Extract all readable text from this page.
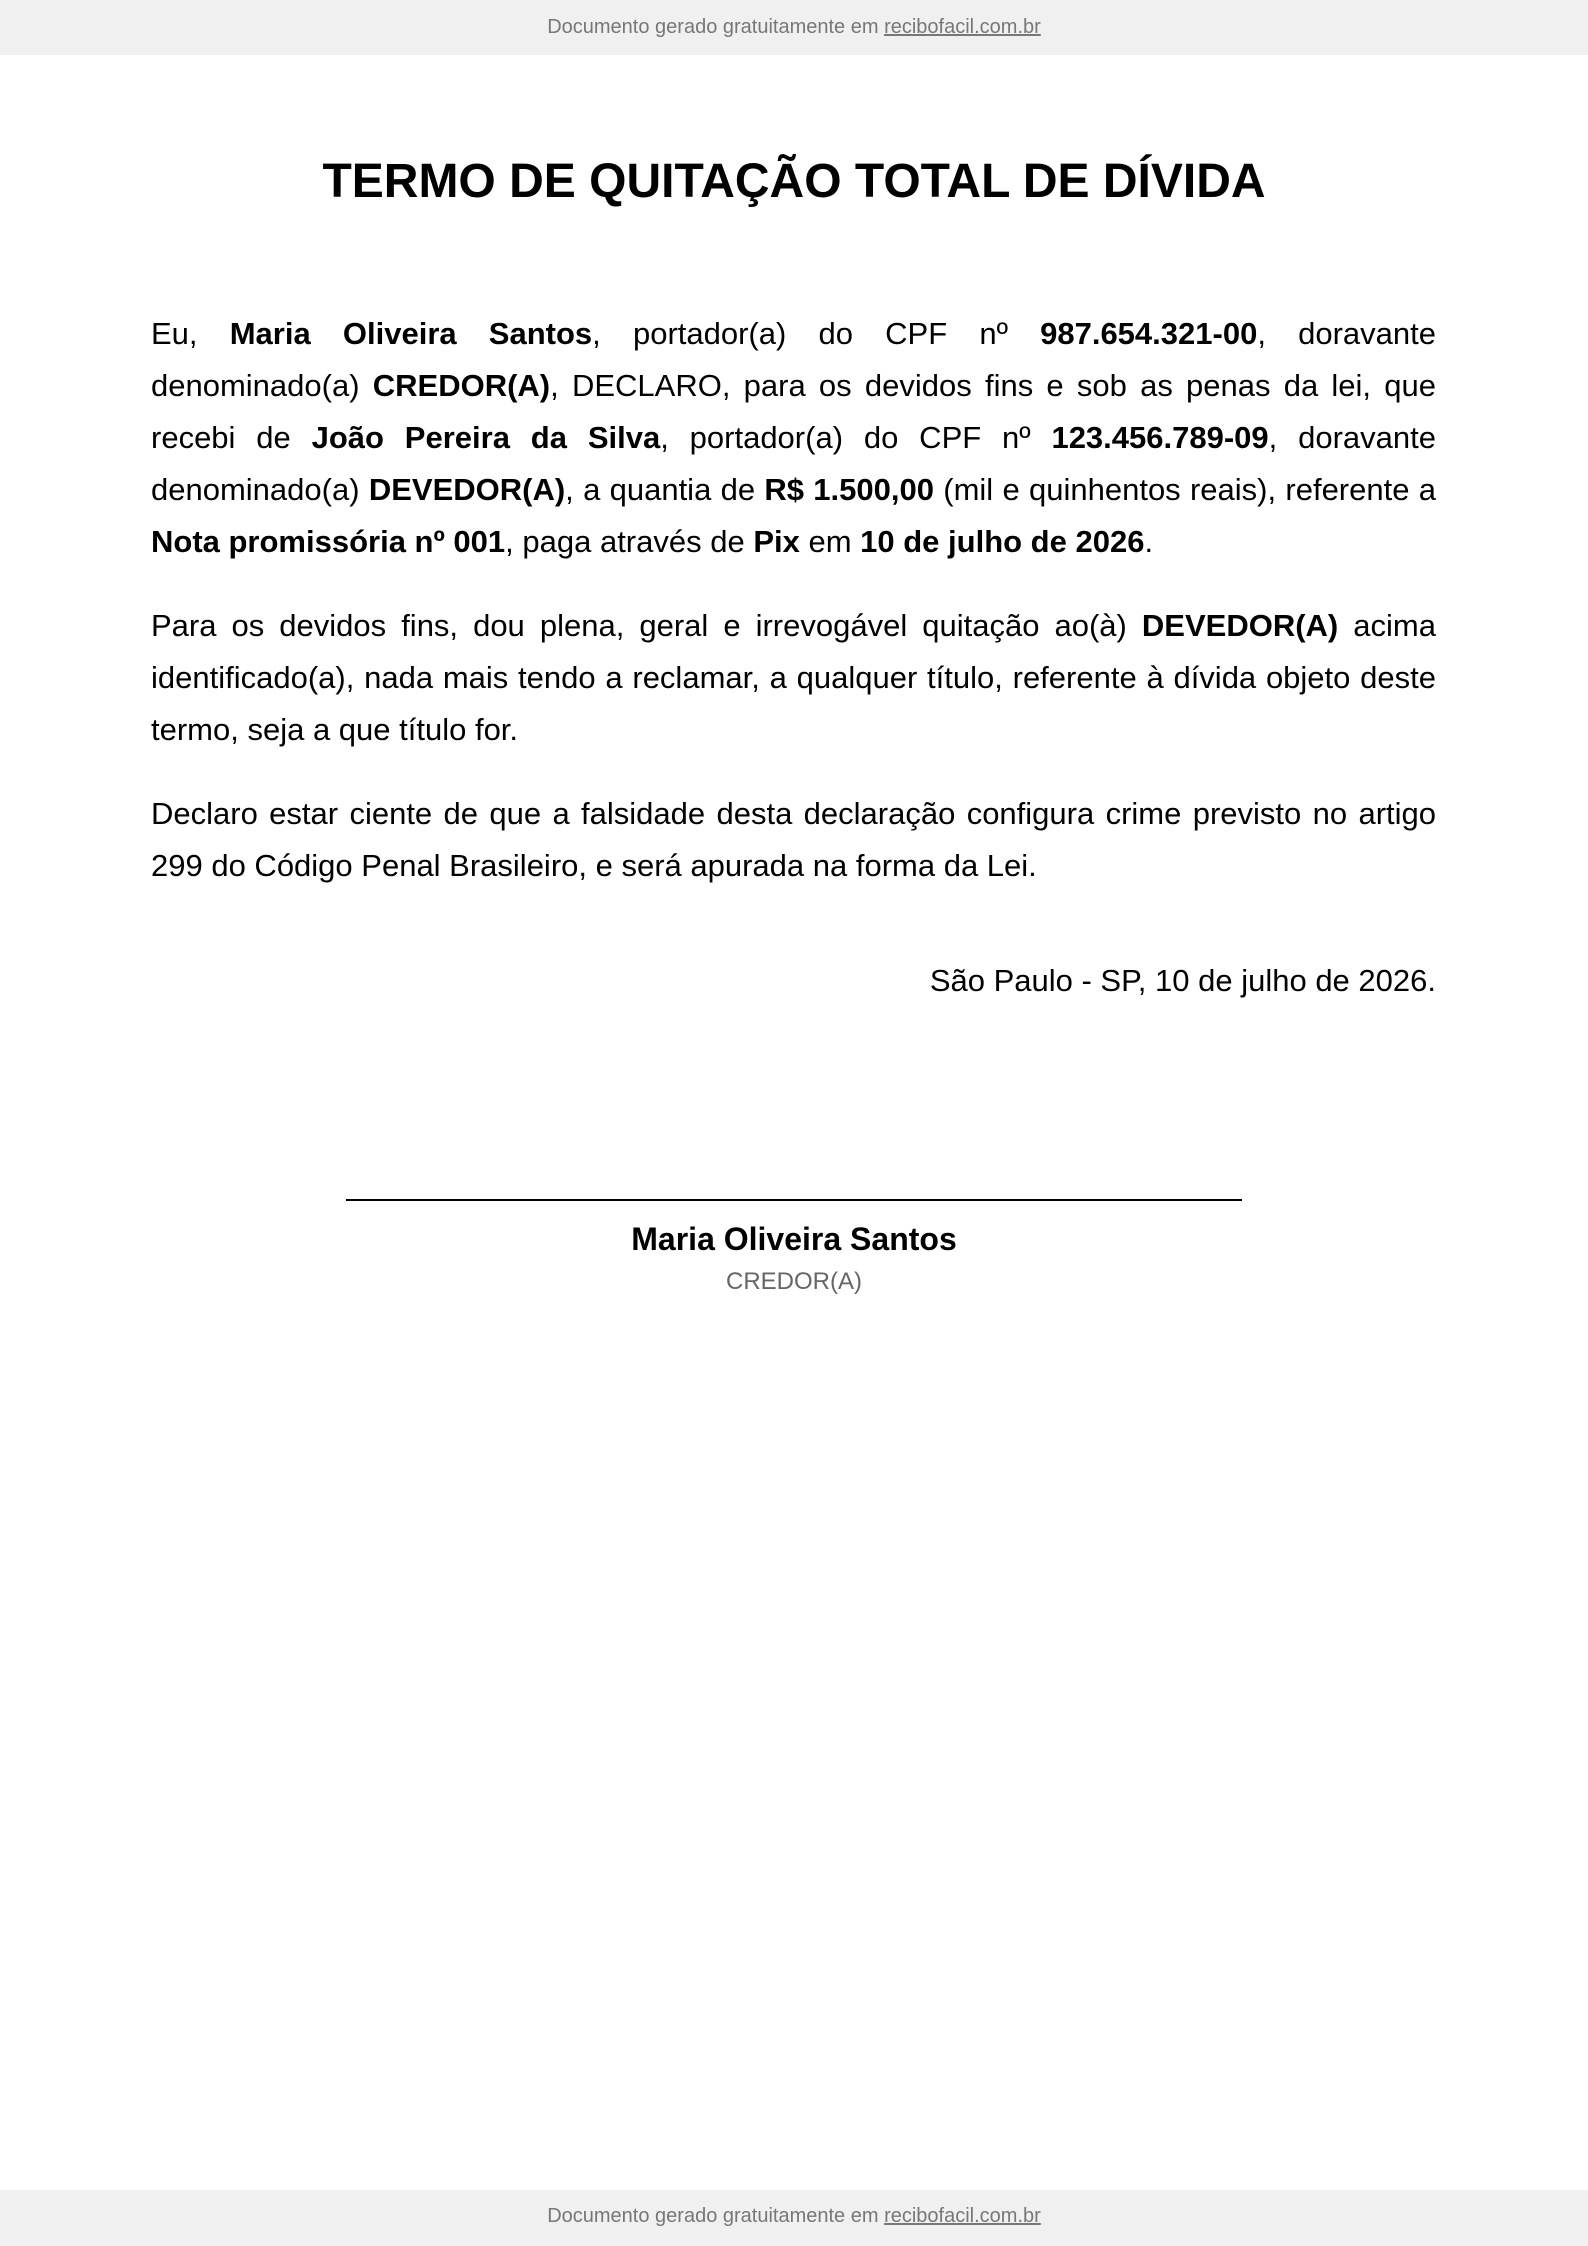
Documento gerado gratuitamente em recibofacil.com.br
TERMO DE QUITAÇÃO TOTAL DE DÍVIDA

Eu, Maria Oliveira Santos, portador(a) do CPF nº 987.654.321-00, doravante denominado(a) CREDOR(A), DECLARO, para os devidos fins e sob as penas da lei, que recebi de João Pereira da Silva, portador(a) do CPF nº 123.456.789-09, doravante denominado(a) DEVEDOR(A), a quantia de R$ 1.500,00 (mil e quinhentos reais), referente a Nota promissória nº 001, paga através de Pix em 10 de julho de 2026.

Para os devidos fins, dou plena, geral e irrevogável quitação ao(à) DEVEDOR(A) acima identificado(a), nada mais tendo a reclamar, a qualquer título, referente à dívida objeto deste termo, seja a que título for.

Declaro estar ciente de que a falsidade desta declaração configura crime previsto no artigo 299 do Código Penal Brasileiro, e será apurada na forma da Lei.

São Paulo - SP, 10 de julho de 2026.
Maria Oliveira Santos
CREDOR(A)
Documento gerado gratuitamente em recibofacil.com.br
